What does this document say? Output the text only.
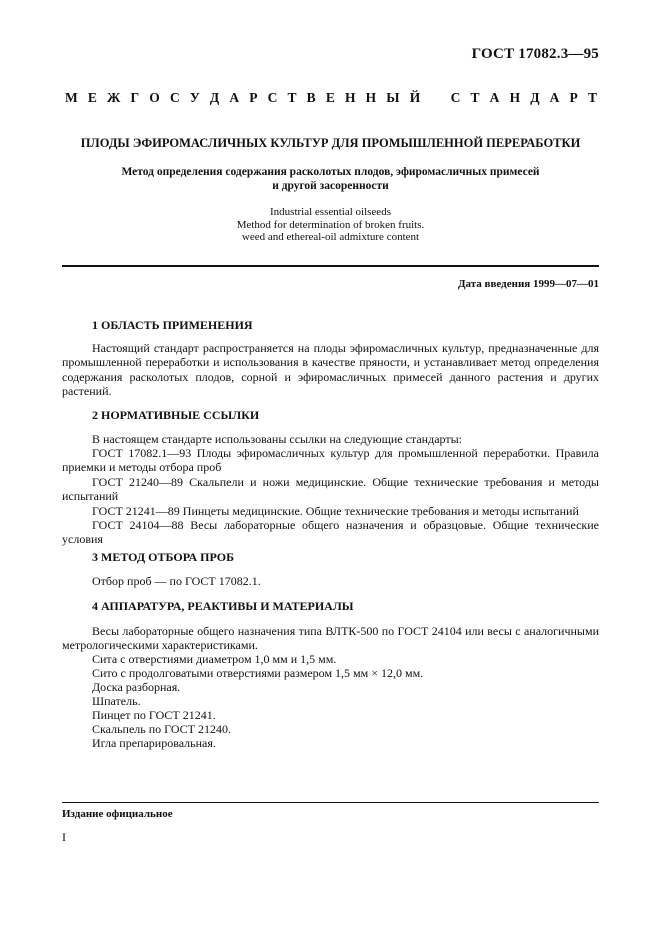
ГОСТ 17082.3—95
М Е Ж Г О С У Д А Р С Т В Е Н Н Ы Й С Т А Н Д А Р Т
ПЛОДЫ ЭФИРОМАСЛИЧНЫХ КУЛЬТУР ДЛЯ ПРОМЫШЛЕННОЙ ПЕРЕРАБОТКИ
Метод определения содержания расколотых плодов, эфиромасличных примесей
и другой засоренности
Industrial essential oilseeds
Method for determination of broken fruits.
weed and ethereal-oil admixture content
Дата введения 1999—07—01
1 ОБЛАСТЬ ПРИМЕНЕНИЯ
Настоящий стандарт распространяется на плоды эфиромасличных культур, предназначенные для промышленной переработки и использования в качестве пряности, и устанавливает метод определения содержания расколотых плодов, сорной и эфиромасличных примесей данного растения и других растений.
2 НОРМАТИВНЫЕ ССЫЛКИ
В настоящем стандарте использованы ссылки на следующие стандарты:
ГОСТ 17082.1—93 Плоды эфиромасличных культур для промышленной переработки. Правила приемки и методы отбора проб
ГОСТ 21240—89 Скальпели и ножи медицинские. Общие технические требования и методы испытаний
ГОСТ 21241—89 Пинцеты медицинские. Общие технические требования и методы испытаний
ГОСТ 24104—88 Весы лабораторные общего назначения и образцовые. Общие технические условия
3 МЕТОД ОТБОРА ПРОБ
Отбор проб — по ГОСТ 17082.1.
4 АППАРАТУРА, РЕАКТИВЫ И МАТЕРИАЛЫ
Весы лабораторные общего назначения типа ВЛТК-500 по ГОСТ 24104 или весы с аналогичными метрологическими характеристиками.
Сита с отверстиями диаметром 1,0 мм и 1,5 мм.
Сито с продолговатыми отверстиями размером 1,5 мм × 12,0 мм.
Доска разборная.
Шпатель.
Пинцет по ГОСТ 21241.
Скальпель по ГОСТ 21240.
Игла препарировальная.
Издание официальное
I
